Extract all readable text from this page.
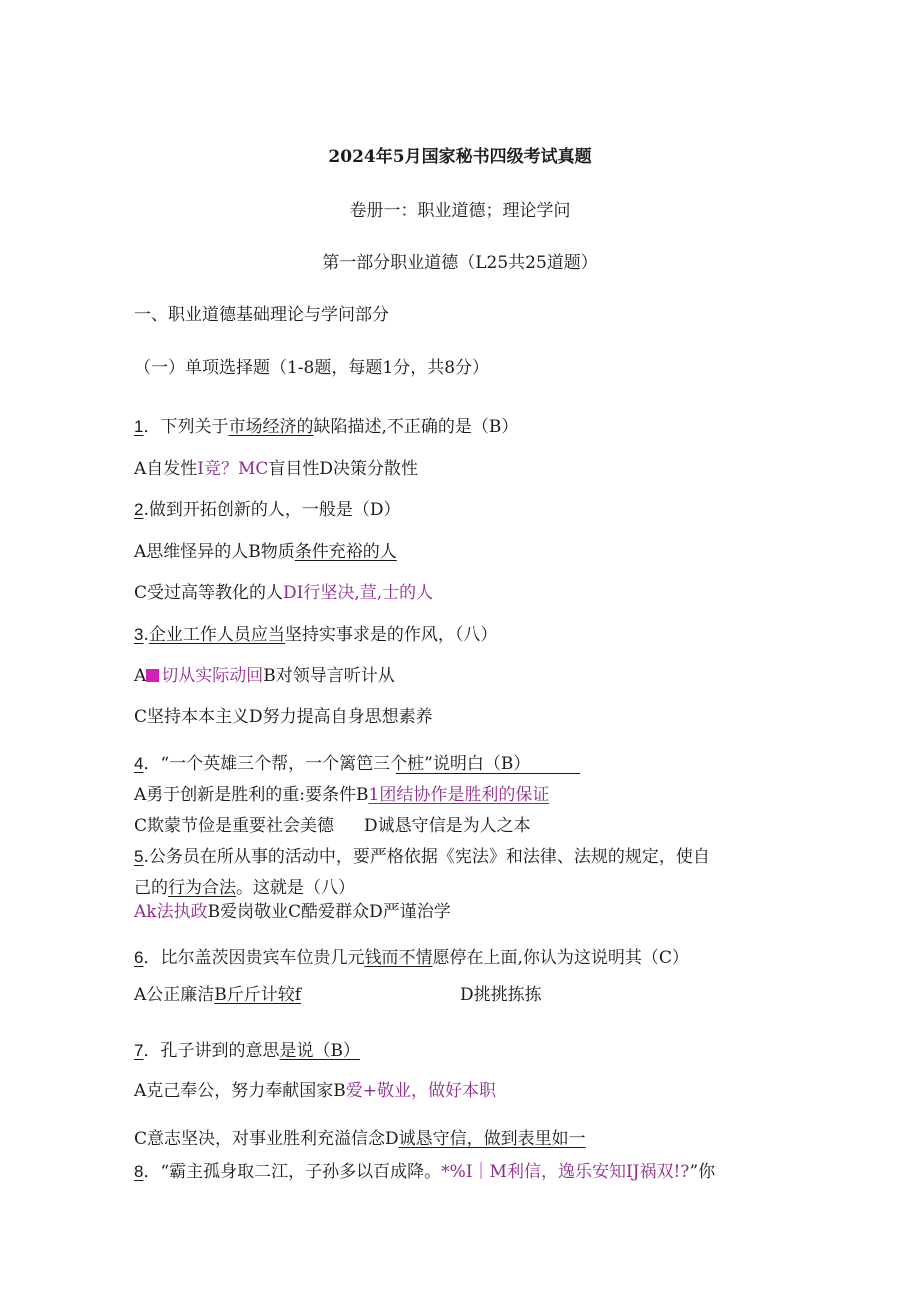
2024年5月国家秘书四级考试真题
卷册一：职业道德；理论学问
第一部分职业道德（L25共25道题）
一、职业道德基础理论与学问部分
（一）单项选择题（1-8题，每题1分，共8分）
1．下列关于市场经济的缺陷描述,不正确的是（B）
A自发性I竞？MC盲目性D决策分散性
2.做到开拓创新的人，一般是（D）
A思维怪异的人B物质条件充裕的人
C受过高等教化的人DI行坚决,荁,士的人
3.企业工作人员应当坚持实事求是的作风，（八）
A 切从实际动回B对领导言听计从
C坚持本本主义D努力提高自身思想素养
4．“一个英雄三个帮，一个篱笆三个桩”说明白（B）
A勇于创新是胜利的重:要条件B1团结协作是胜利的保证
C欺蒙节俭是重要社会美德 D诚恳守信是为人之本
5.公务员在所从事的活动中，要严格依据《宪法》和法律、法规的规定，使自
己的行为合法。这就是（八）
Ak法执政B爱岗敬业C酷爱群众D严谨治学
6．比尔盖茨因贵宾车位贵几元钱而不情愿停在上面,你认为这说明其（C）
A公正廉洁B斤斤计较f	D挑挑拣拣
7．孔子讲到的意思是说（B）
A克己奉公，努力奉献国家B爱+敬业，做好本职
C意志坚决，对事业胜利充溢信念D诚恳守信，做到表里如一
8．“霸主孤身取二江，子孙多以百成降。*%I｜M利信，逸乐安知IJ祸双!?”你
